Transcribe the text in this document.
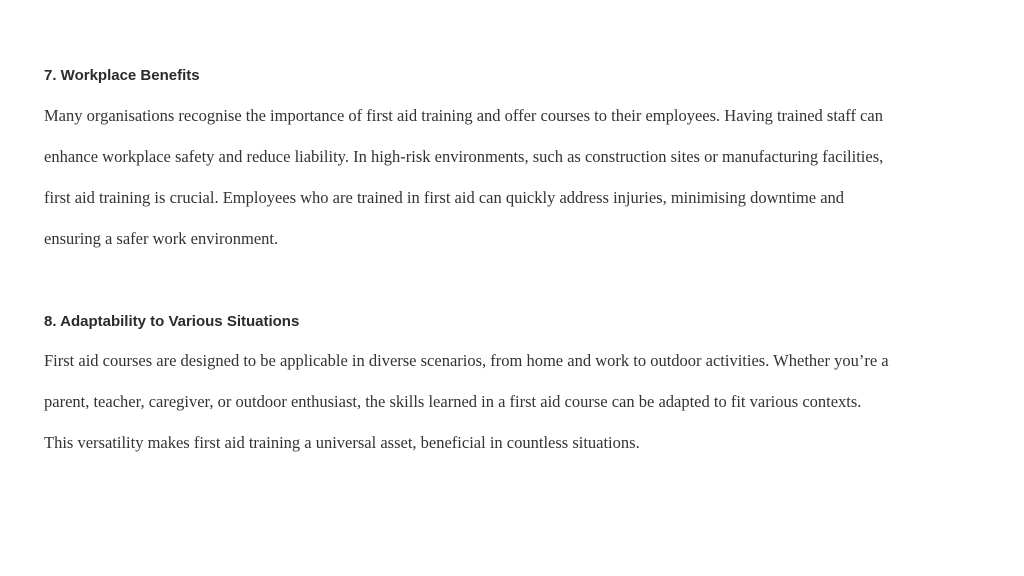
7. Workplace Benefits

Many organisations recognise the importance of first aid training and offer courses to their employees. Having trained staff can
enhance workplace safety and reduce liability. In high-risk environments, such as construction sites or manufacturing facilities,
first aid training is crucial. Employees who are trained in first aid can quickly address injuries, minimising downtime and
ensuring a safer work environment.

8. Adaptability to Various Situations

First aid courses are designed to be applicable in diverse scenarios, from home and work to outdoor activities. Whether you’re a
parent, teacher, caregiver, or outdoor enthusiast, the skills learned in a first aid course can be adapted to fit various contexts.
This versatility makes first aid training a universal asset, beneficial in countless situations.
